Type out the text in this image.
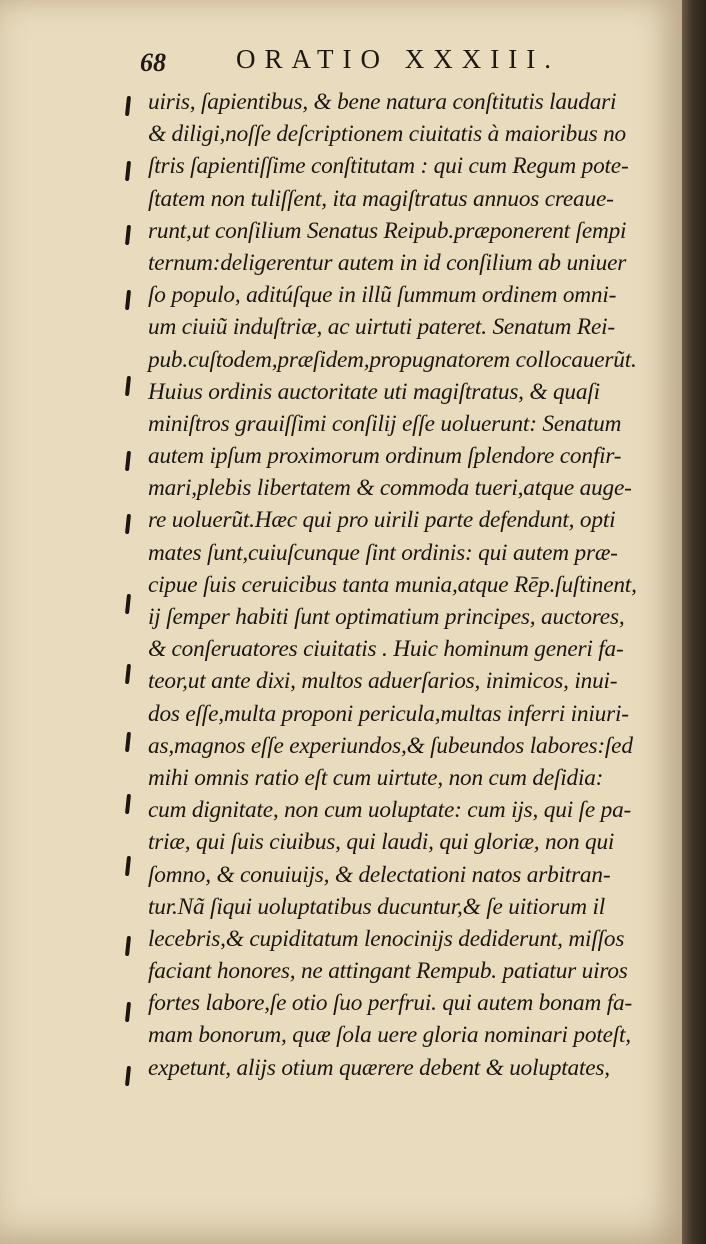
68	ORATIO XXXIII.
uiris, ſapientibus, & bene natura conſtitutis laudari
& diligi,noſſe deſcriptionem ciuitatis à maioribus no
ſtris ſapientiſſime conſtitutam : qui cum Regum pote-
ſtatem non tuliſſent, ita magiſtratus annuos creaue-
runt,ut conſilium Senatus Reipub.præponerent ſempi
ternum:deligerentur autem in id conſilium ab uniuer
ſo populo, aditúſque in illũ ſummum ordinem omni-
um ciuiũ induſtriæ, ac uirtuti pateret. Senatum Rei-
pub.cuſtodem,præſidem,propugnatorem collocauerũt.
Huius ordinis auctoritate uti magiſtratus, & quaſi
miniſtros grauiſſimi conſilij eſſe uoluerunt: Senatum
autem ipſum proximorum ordinum ſplendore confir-
mari,plebis libertatem & commoda tueri,atque auge-
re uoluerũt.Hæc qui pro uirili parte defendunt, opti
mates ſunt,cuiuſcunque ſint ordinis: qui autem præ-
cipue ſuis ceruicibus tanta munia,atque Rēp.ſuſtinent,
ij ſemper habiti ſunt optimatium principes, auctores,
& conſeruatores ciuitatis . Huic hominum generi fa-
teor,ut ante dixi, multos aduerſarios, inimicos, inui-
dos eſſe,multa proponi pericula,multas inferri iniuri-
as,magnos eſſe experiundos,& ſubeundos labores:ſed
mihi omnis ratio eſt cum uirtute, non cum deſidia:
cum dignitate, non cum uoluptate: cum ijs, qui ſe pa-
triæ, qui ſuis ciuibus, qui laudi, qui gloriæ, non qui
ſomno, & conuiuijs, & delectationi natos arbitran-
tur.Nã ſiqui uoluptatibus ducuntur,& ſe uitiorum il
lecebris,& cupiditatum lenocinijs dediderunt, miſſos
faciant honores, ne attingant Rempub. patiatur uiros
fortes labore,ſe otio ſuo perfrui. qui autem bonam fa-
mam bonorum, quæ ſola uere gloria nominari poteſt,
expetunt, alijs otium quærere debent & uoluptates,
